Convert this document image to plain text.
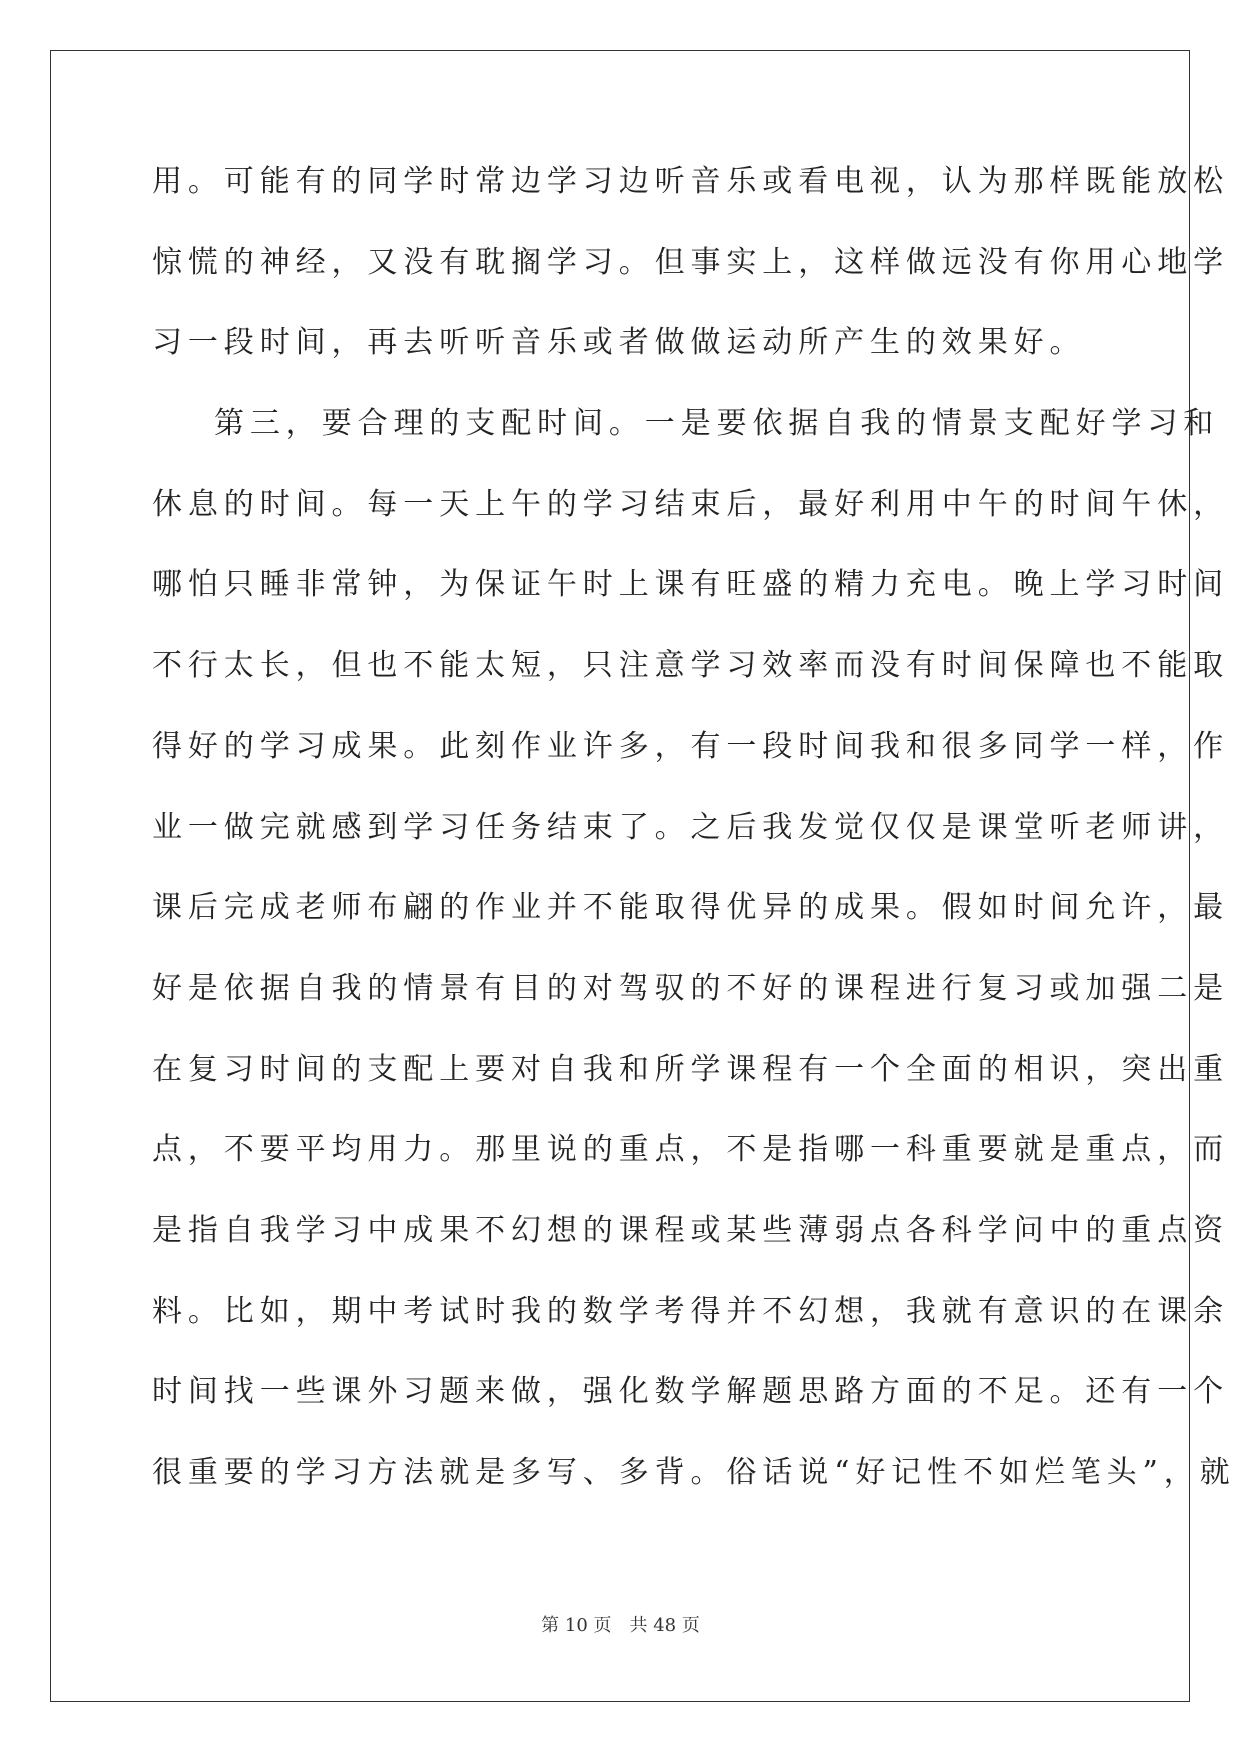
用。可能有的同学时常边学习边听音乐或看电视，认为那样既能放松
惊慌的神经，又没有耽搁学习。但事实上，这样做远没有你用心地学
习一段时间，再去听听音乐或者做做运动所产生的效果好。
第三，要合理的支配时间。一是要依据自我的情景支配好学习和
休息的时间。每一天上午的学习结束后，最好利用中午的时间午休，
哪怕只睡非常钟，为保证午时上课有旺盛的精力充电。晚上学习时间
不行太长，但也不能太短，只注意学习效率而没有时间保障也不能取
得好的学习成果。此刻作业许多，有一段时间我和很多同学一样，作
业一做完就感到学习任务结束了。之后我发觉仅仅是课堂听老师讲，
课后完成老师布翩的作业并不能取得优异的成果。假如时间允许，最
好是依据自我的情景有目的对驾驭的不好的课程进行复习或加强二是
在复习时间的支配上要对自我和所学课程有一个全面的相识，突出重
点，不要平均用力。那里说的重点，不是指哪一科重要就是重点，而
是指自我学习中成果不幻想的课程或某些薄弱点各科学问中的重点资
料。比如，期中考试时我的数学考得并不幻想，我就有意识的在课余
时间找一些课外习题来做，强化数学解题思路方面的不足。还有一个
很重要的学习方法就是多写、多背。俗话说“好记性不如烂笔头”，就
第 10 页　共 48 页
